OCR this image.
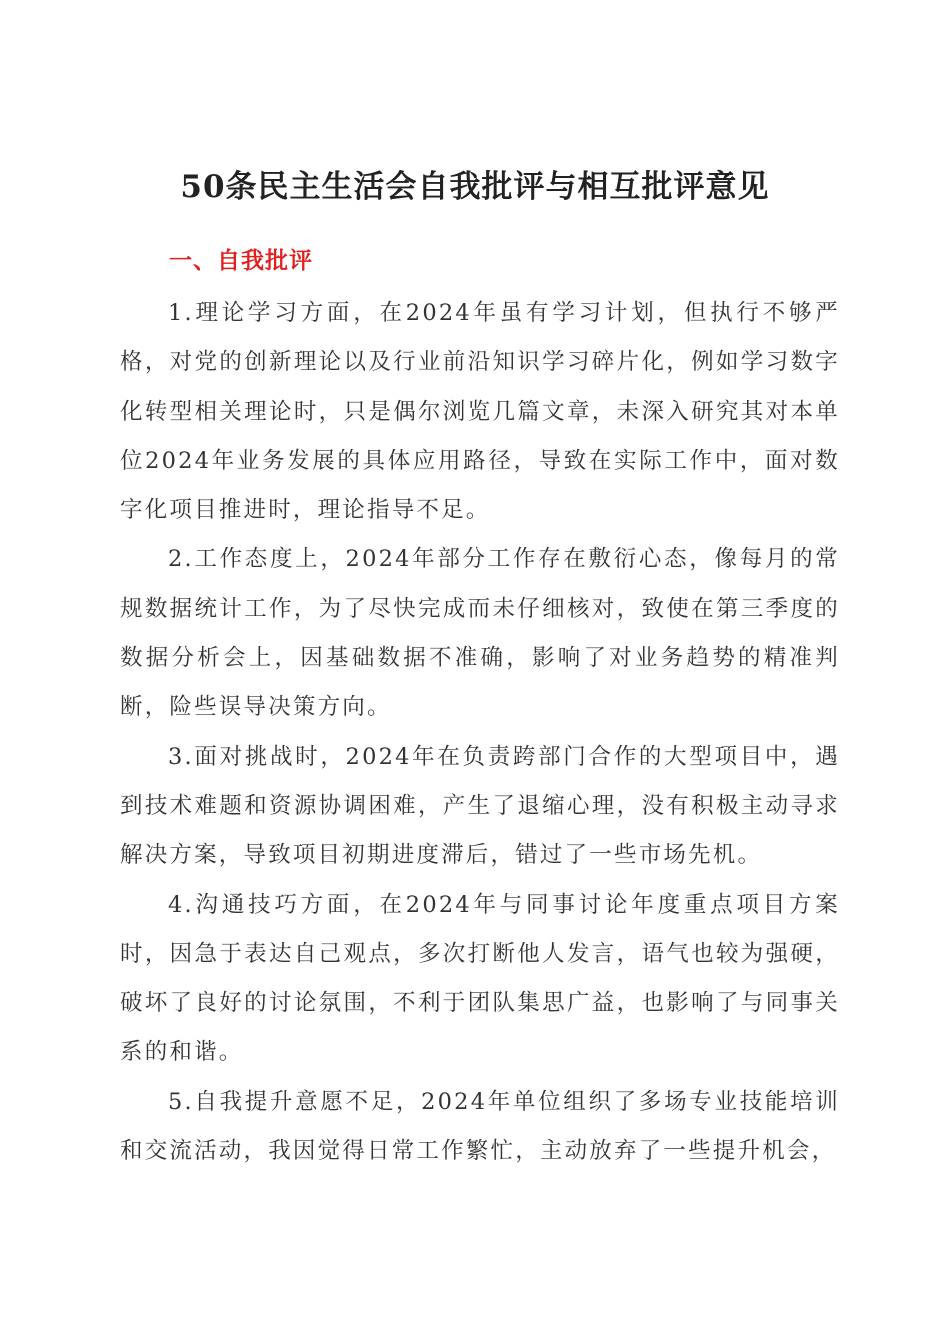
50条民主生活会自我批评与相互批评意见
一、自我批评

1.理论学习方面，在2024年虽有学习计划，但执行不够严格，对党的创新理论以及行业前沿知识学习碎片化，例如学习数字化转型相关理论时，只是偶尔浏览几篇文章，未深入研究其对本单位2024年业务发展的具体应用路径，导致在实际工作中，面对数字化项目推进时，理论指导不足。

2.工作态度上，2024年部分工作存在敷衍心态，像每月的常规数据统计工作，为了尽快完成而未仔细核对，致使在第三季度的数据分析会上，因基础数据不准确，影响了对业务趋势的精准判断，险些误导决策方向。

3.面对挑战时，2024年在负责跨部门合作的大型项目中，遇到技术难题和资源协调困难，产生了退缩心理，没有积极主动寻求解决方案，导致项目初期进度滞后，错过了一些市场先机。

4.沟通技巧方面，在2024年与同事讨论年度重点项目方案时，因急于表达自己观点，多次打断他人发言，语气也较为强硬，破坏了良好的讨论氛围，不利于团队集思广益，也影响了与同事关系的和谐。

5.自我提升意愿不足，2024年单位组织了多场专业技能培训和交流活动，我因觉得日常工作繁忙，主动放弃了一些提升机会，
